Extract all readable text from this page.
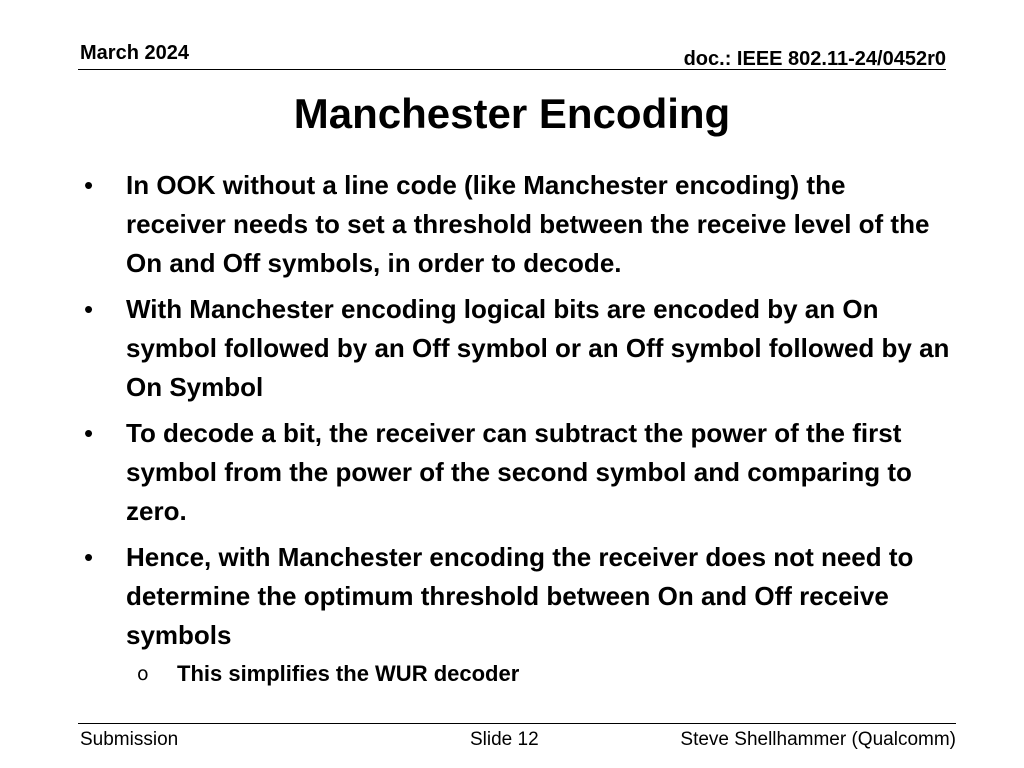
March 2024	doc.: IEEE 802.11-24/0452r0
Manchester Encoding
• In OOK without a line code (like Manchester encoding) the receiver needs to set a threshold between the receive level of the On and Off symbols, in order to decode.
• With Manchester encoding logical bits are encoded by an On symbol followed by an Off symbol or an Off symbol followed by an On Symbol
• To decode a bit, the receiver can subtract the power of the first symbol from the power of the second symbol and comparing to zero.
• Hence, with Manchester encoding the receiver does not need to determine the optimum threshold between On and Off receive symbols
o This simplifies the WUR decoder
Submission	Slide 12	Steve Shellhammer (Qualcomm)
